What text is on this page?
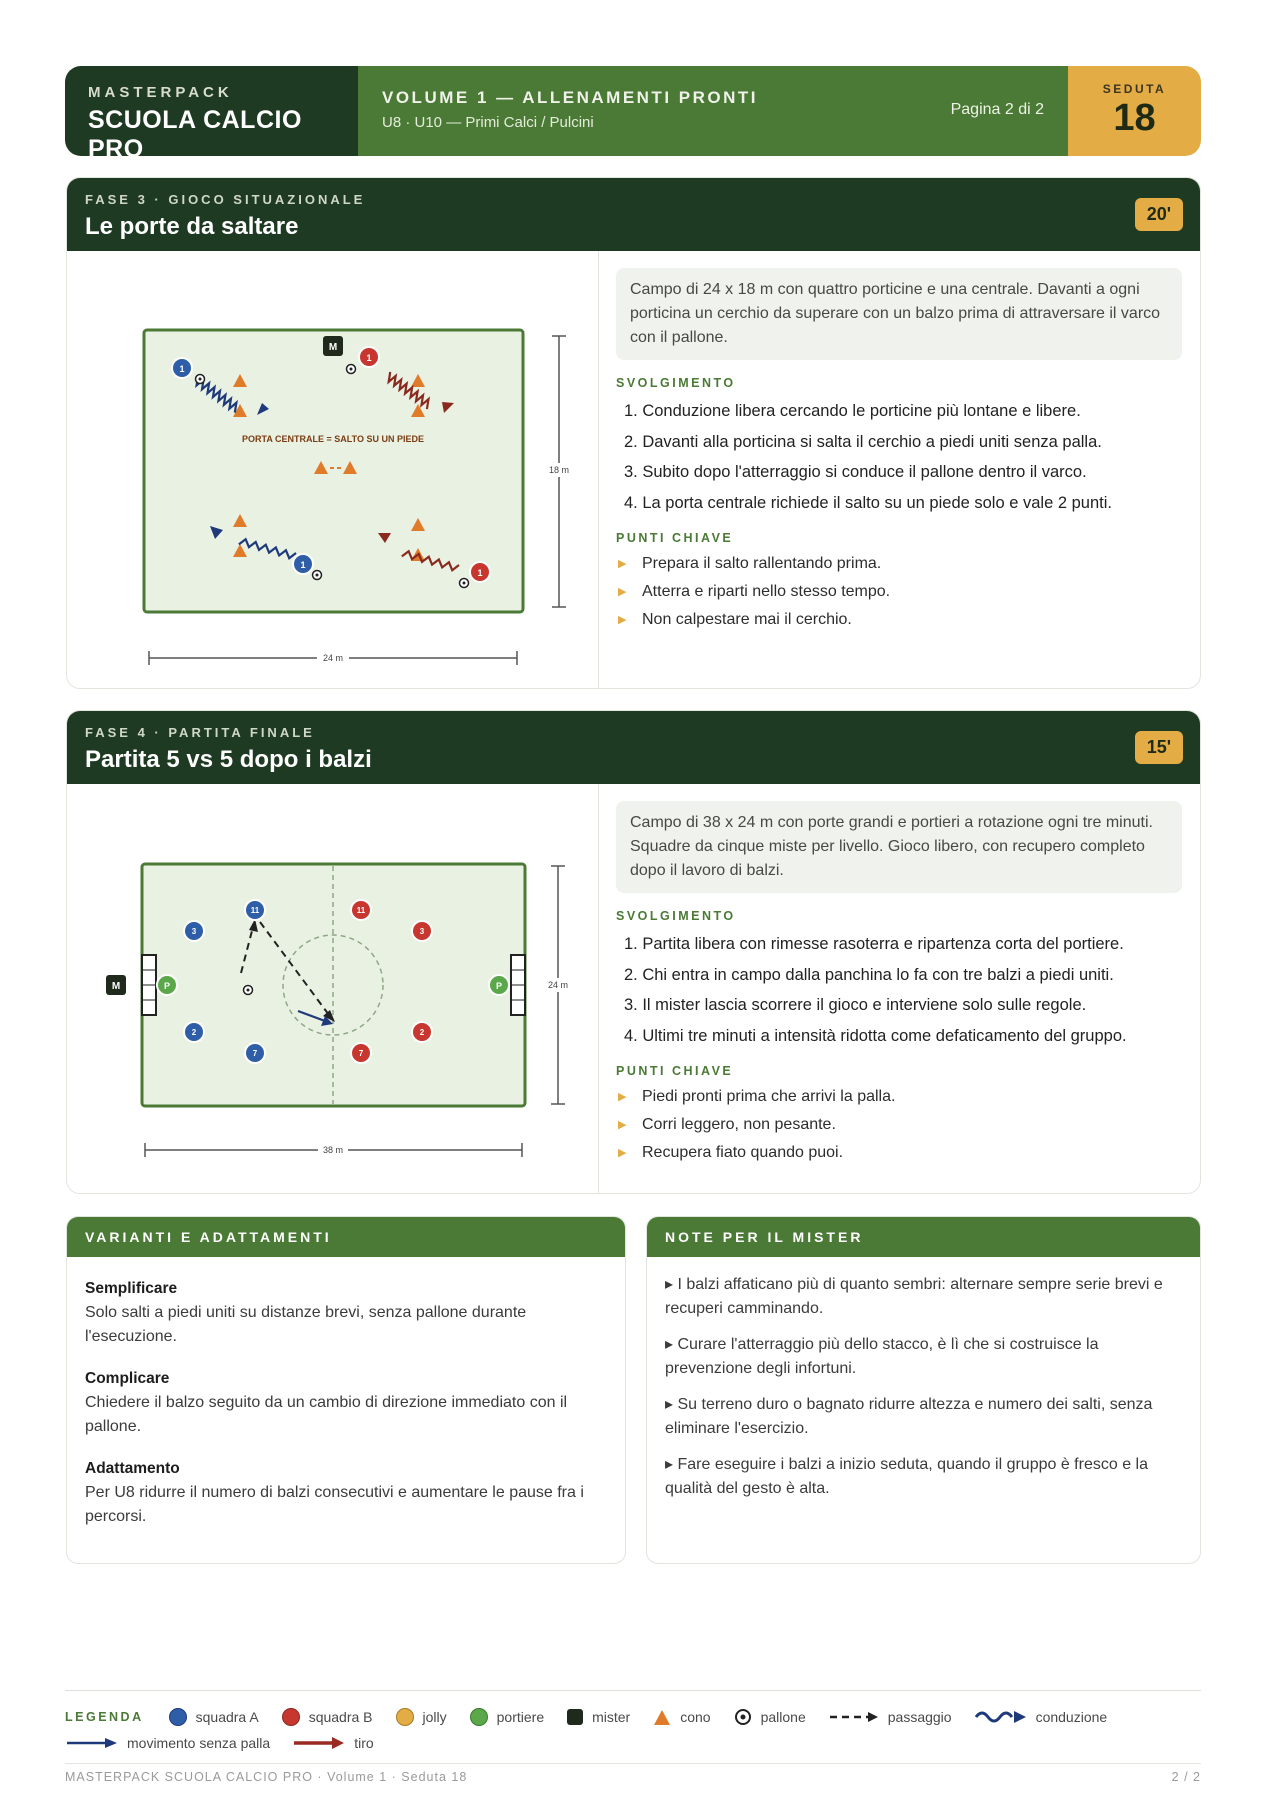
MASTERPACK
SCUOLA CALCIO PRO
VOLUME 1 — ALLENAMENTI PRONTI
U8 · U10 — Primi Calci / Pulcini
Pagina 2 di 2
SEDUTA
18
FASE 3 · GIOCO SITUAZIONALE
Le porte da saltare	20'
18 m
24 m
M
PORTA CENTRALE = SALTO SU UN PIEDE
1
1
1
1
Campo di 24 x 18 m con quattro porticine e una centrale. Davanti a ogni porticina un cerchio da superare con un balzo prima di attraversare il varco con il pallone.
SVOLGIMENTO
1. Conduzione libera cercando le porticine più lontane e libere.
2. Davanti alla porticina si salta il cerchio a piedi uniti senza palla.
3. Subito dopo l'atterraggio si conduce il pallone dentro il varco.
4. La porta centrale richiede il salto su un piede solo e vale 2 punti.
PUNTI CHIAVE
▶ Prepara il salto rallentando prima.
▶ Atterra e riparti nello stesso tempo.
▶ Non calpestare mai il cerchio.
FASE 4 · PARTITA FINALE
Partita 5 vs 5 dopo i balzi	15'
24 m
38 m
M	P	P
11
3
2
7
11
3
2
7
Campo di 38 x 24 m con porte grandi e portieri a rotazione ogni tre minuti. Squadre da cinque miste per livello. Gioco libero, con recupero completo dopo il lavoro di balzi.
SVOLGIMENTO
1. Partita libera con rimesse rasoterra e ripartenza corta del portiere.
2. Chi entra in campo dalla panchina lo fa con tre balzi a piedi uniti.
3. Il mister lascia scorrere il gioco e interviene solo sulle regole.
4. Ultimi tre minuti a intensità ridotta come defaticamento del gruppo.
PUNTI CHIAVE
▶ Piedi pronti prima che arrivi la palla.
▶ Corri leggero, non pesante.
▶ Recupera fiato quando puoi.
VARIANTI E ADATTAMENTI
Semplificare
Solo salti a piedi uniti su distanze brevi, senza pallone durante l'esecuzione.
Complicare
Chiedere il balzo seguito da un cambio di direzione immediato con il pallone.
Adattamento
Per U8 ridurre il numero di balzi consecutivi e aumentare le pause fra i percorsi.
NOTE PER IL MISTER
▸ I balzi affaticano più di quanto sembri: alternare sempre serie brevi e recuperi camminando.
▸ Curare l'atterraggio più dello stacco, è lì che si costruisce la prevenzione degli infortuni.
▸ Su terreno duro o bagnato ridurre altezza e numero dei salti, senza eliminare l'esercizio.
▸ Fare eseguire i balzi a inizio seduta, quando il gruppo è fresco e la qualità del gesto è alta.
LEGENDA	squadra A	squadra B	jolly	portiere	mister	cono	pallone	passaggio	conduzione
movimento senza palla	tiro
MASTERPACK SCUOLA CALCIO PRO · Volume 1 · Seduta 18	2 / 2
